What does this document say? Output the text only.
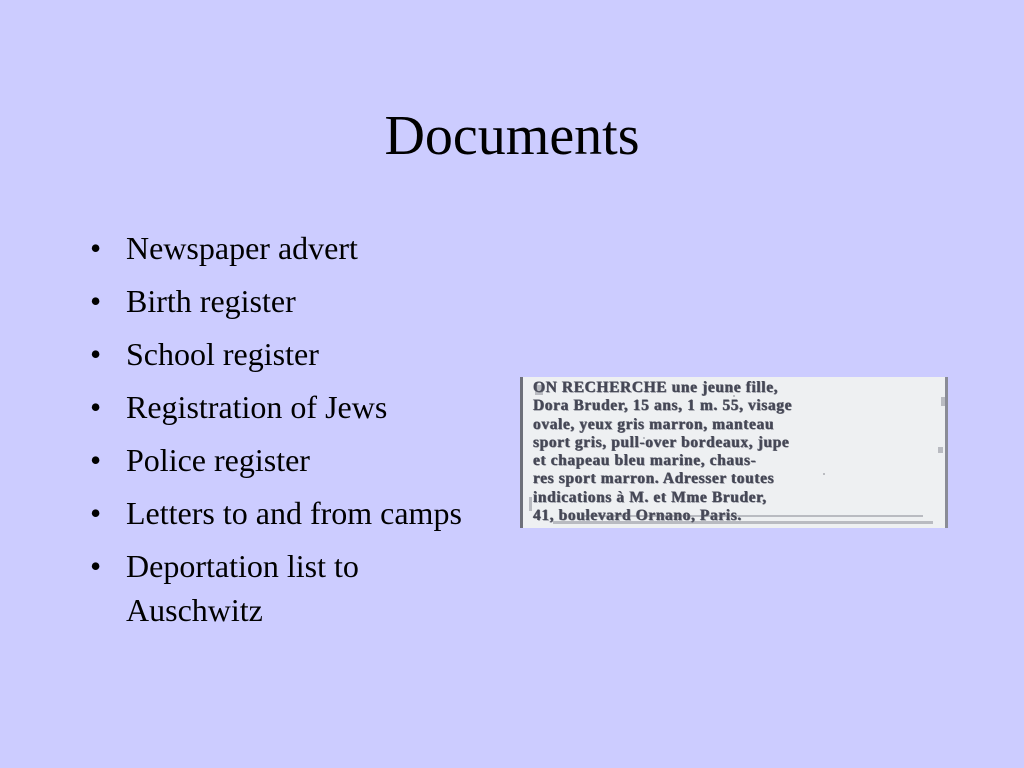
Documents
• Newspaper advert
• Birth register
• School register
• Registration of Jews
• Police register
• Letters to and from camps
• Deportation list to Auschwitz
ON RECHERCHE une jeune fille,
Dora Bruder, 15 ans, 1 m. 55, visage
ovale, yeux gris marron, manteau
sport gris, pull-over bordeaux, jupe
et chapeau bleu marine, chaus-
res sport marron. Adresser toutes
indications à M. et Mme Bruder,
41, boulevard Ornano, Paris.
